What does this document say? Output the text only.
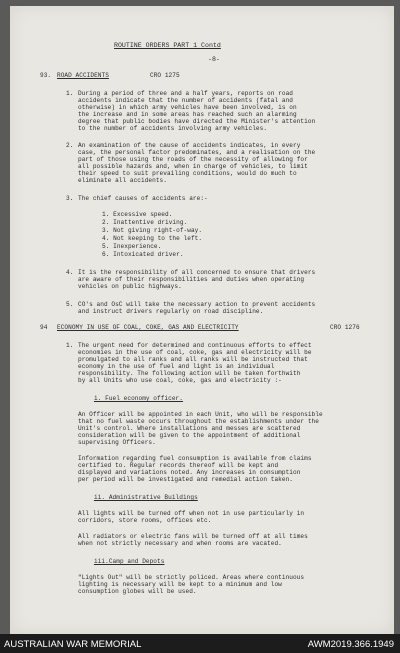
ROUTINE ORDERS PART 1 Contd
-8-
93. ROAD ACCIDENTS	CRO 1275
1. During a period of three and a half years, reports on road
accidents indicate that the number of accidents (fatal and
otherwise) in which army vehicles have been involved, is on
the increase and in some areas has reached such an alarming
degree that public bodies have directed the Minister's attention
to the number of accidents involving army vehicles.
2. An examination of the cause of accidents indicates, in every
case, the personal factor predominates, and a realisation on the
part of those using the roads of the necessity of allowing for
all possible hazards and, when in charge of vehicles, to limit
their speed to suit prevailing conditions, would do much to
eliminate all accidents.
3. The chief causes of accidents are:-
1. Excessive speed.
2. Inattentive driving.
3. Not giving right-of-way.
4. Not keeping to the left.
5. Inexperience.
6. Intoxicated driver.
4. It is the responsibility of all concerned to ensure that drivers
are aware of their responsibilities and duties when operating
vehicles on public highways.
5. CO's and OsC will take the necessary action to prevent accidents
and instruct drivers regularly on road discipline.
94 ECONOMY IN USE OF COAL, COKE, GAS AND ELECTRICITY	CRO 1276
1. The urgent need for determined and continuous efforts to effect
economies in the use of coal, coke, gas and electricity will be
promulgated to all ranks and all ranks will be instructed that
economy in the use of fuel and light is an individual
responsibility. The following action will be taken forthwith
by all Units who use coal, coke, gas and electricity :-
i. Fuel economy officer.
An Officer will be appointed in each Unit, who will be responsible
that no fuel waste occurs throughout the establishments under the
Unit's control. Where installations and messes are scattered
consideration will be given to the appointment of additional
supervising Officers.
Information regarding fuel consumption is available from claims
certified to. Regular records thereof will be kept and
displayed and variations noted. Any increases in consumption
per period will be investigated and remedial action taken.
ii. Administrative Buildings
All lights will be turned off when not in use particularly in
corridors, store rooms, offices etc.
All radiators or electric fans will be turned off at all times
when not strictly necessary and when rooms are vacated.
iii.Camp and Depots
"Lights Out" will be strictly policed. Areas where continuous
lighting is necessary will be kept to a minimum and low
consumption globes will be used.
AUSTRALIAN WAR MEMORIAL	AWM2019.366.1949
